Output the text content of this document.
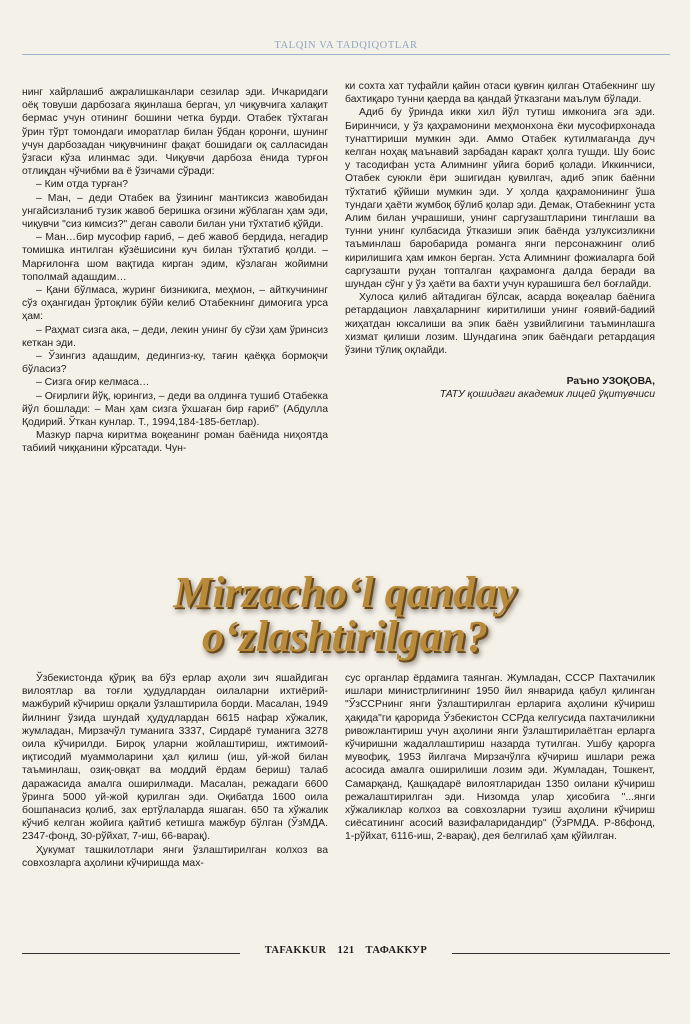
TALQIN VA TADQIQOTLAR

нинг хайрлашиб ажралишканлари сезилар эди. Ичкаридаги оёқ товуши дарбозага яқинлаша бергач, ул чиқувчига халақит бермас учун отининг бошини четка бурди. Отабек тўхтаган ўрин тўрт томондаги иморатлар билан ўбдан қоронғи, шунинг учун дарбозадан чиқувчининг фақат бошидаги оқ салласидан ўзгаси кўза илинмас эди. Чиқувчи дарбоза ёнида турғон отлиқдан чўчибми ва ё ўзичами сўради:

– Ким отда турған?

– Ман, – деди Отабек ва ўзининг мантиксиз жавобидан унгайсизланиб тузик жавоб беришка оғзини жўблаган ҳам эди, чиқувчи "сиз кимсиз?" деган саволи билан уни тўхтатиб қўйди.

– Ман…бир мусофир ғариб, – деб жавоб бердида, негадир томишка интилган кўзёшисини куч билан тўхтатиб қолди. – Марғилонға шом вақтида кирган эдим, кўзлаган жойимни тополмай адашдим…

– Қани бўлмаса, журинг бизникига, меҳмон, – айткучининг сўз оҳангидан ўртоқлик бўйи келиб Отабекнинг димоғига урса ҳам:

– Раҳмат сизга ака, – деди, лекин унинг бу сўзи ҳам ўринсиз кеткан эди.

– Ўзингиз адашдим, дедингиз-ку, тағин қаёққа бормоқчи бўласиз?

– Сизга оғир келмаса…

– Оғирлиги йўқ, юрингиз, – деди ва олдинға тушиб Отабекка йўл бошлади: – Ман ҳам сизга ўхшаған бир ғариб" (Абдулла Қодирий. Ўткан кунлар. Т., 1994,184-185-бетлар).

Мазкур парча киритма воқеанинг роман баёнида ниҳоятда табиий чиққанини кўрсатади. Чун-

ки сохта хат туфайли қайин отаси қувғин қилган Отабекнинг шу бахтиқаро тунни қаерда ва қандай ўтказгани маълум бўлади.

Адиб бу ўринда икки хил йўл тутиш имконига эга эди. Биринчиси, у ўз қаҳрамонини меҳмонхона ёки мусофирхонада тунаттириши мумкин эди. Аммо Отабек кутилмаганда дуч келган ноҳақ маънавий зарбадан каракт ҳолга тушди. Шу боис у тасодифан уста Алимнинг уйига бориб қолади. Иккинчиси, Отабек суюкли ёри эшигидан қувилгач, адиб эпик баённи тўхтатиб қўйиши мумкин эди. У ҳолда қаҳрамонининг ўша тундаги ҳаёти жумбоқ бўлиб қолар эди. Демак, Отабекнинг уста Алим билан учрашиши, унинг саргузаштларини тинглаши ва тунни унинг кулбасида ўтказиши эпик баёнда узлуксизликни таъминлаш баробарида романга янги персонажнинг олиб кирилишига ҳам имкон берган. Уста Алимнинг фожиаларга бой саргузашти руҳан топталган қаҳрамонга далда беради ва шундан сўнг у ўз ҳаёти ва бахти учун курашишга бел боғлайди.

Хулоса қилиб айтадиган бўлсак, асарда воқеалар баёнига ретардацион лавҳаларнинг киритилиши унинг ғоявий-бадиий жиҳатдан юксалиши ва эпик баён узвийлигини таъминлашга хизмат қилиши лозим. Шундагина эпик баёндаги ретардация ўзини тўлиқ оқлайди.

Раъно УЗОҚОВА,

ТАТУ қошидаги академик лицей ўқитувчиси

Mirzacho‘l qanday
o‘zlashtirilgan?

Ўзбекистонда қўриқ ва бўз ерлар аҳоли зич яшайдиган вилоятлар ва тоғли ҳудудлардан оилаларни ихтиёрий-мажбурий кўчириш орқали ўзлаштирила борди. Масалан, 1949 йилнинг ўзида шундай ҳудудлардан 6615 нафар хўжалик, жумладан, Мирзачўл туманига 3337, Сирдарё туманига 3278 оила кўчирилди. Бироқ уларни жойлаштириш, ижтимоий-иқтисодий муаммоларини ҳал қилиш (иш, уй-жой билан таъминлаш, озиқ-овқат ва моддий ёрдам бериш) талаб даражасида амалга оширилмади. Масалан, режадаги 6600 ўринга 5000 уй-жой қурилган эди. Оқибатда 1600 оила бошпанасиз қолиб, зах ертўлаларда яшаган. 650 та хўжалик кўчиб келган жойига қайтиб кетишга мажбур бўлган (ЎзМДА. 2347-фонд, 30-рўйхат, 7-иш, 66-варақ).

Ҳукумат ташкилотлари янги ўзлаштирилган колхоз ва совхозларга аҳолини кўчиришда мах-

сус органлар ёрдамига таянган. Жумладан, СССР Пахтачилик ишлари министрлигининг 1950 йил январида қабул қилинган "ЎзССРнинг янги ўзлаштирилган ерларига аҳолини кўчириш ҳақида"ги қарорида Ўзбекистон ССРда келгусида пахтачиликни ривожлантириш учун аҳолини янги ўзлаштирилаётган ерларга кўчиришни жадаллаштириш назарда тутилган. Ушбу қарорга мувофиқ, 1953 йилгача Мирзачўлга кўчириш ишлари режа асосида амалга оширилиши лозим эди. Жумладан, Тошкент, Самарқанд, Қашқадарё вилоятларидан 1350 оилани кўчириш режалаштирилган эди. Низомда улар ҳисобига "...янги хўжаликлар колхоз ва совхозларни тузиш аҳолини кўчириш сиёсатининг асосий вазифаларидандир" (ЎзРМДА. Р-86фонд, 1-рўйхат, 6116-иш, 2-варақ), дея белгилаб ҳам қўйилган.

TAFAKKUR 121 ТАФАККУР
